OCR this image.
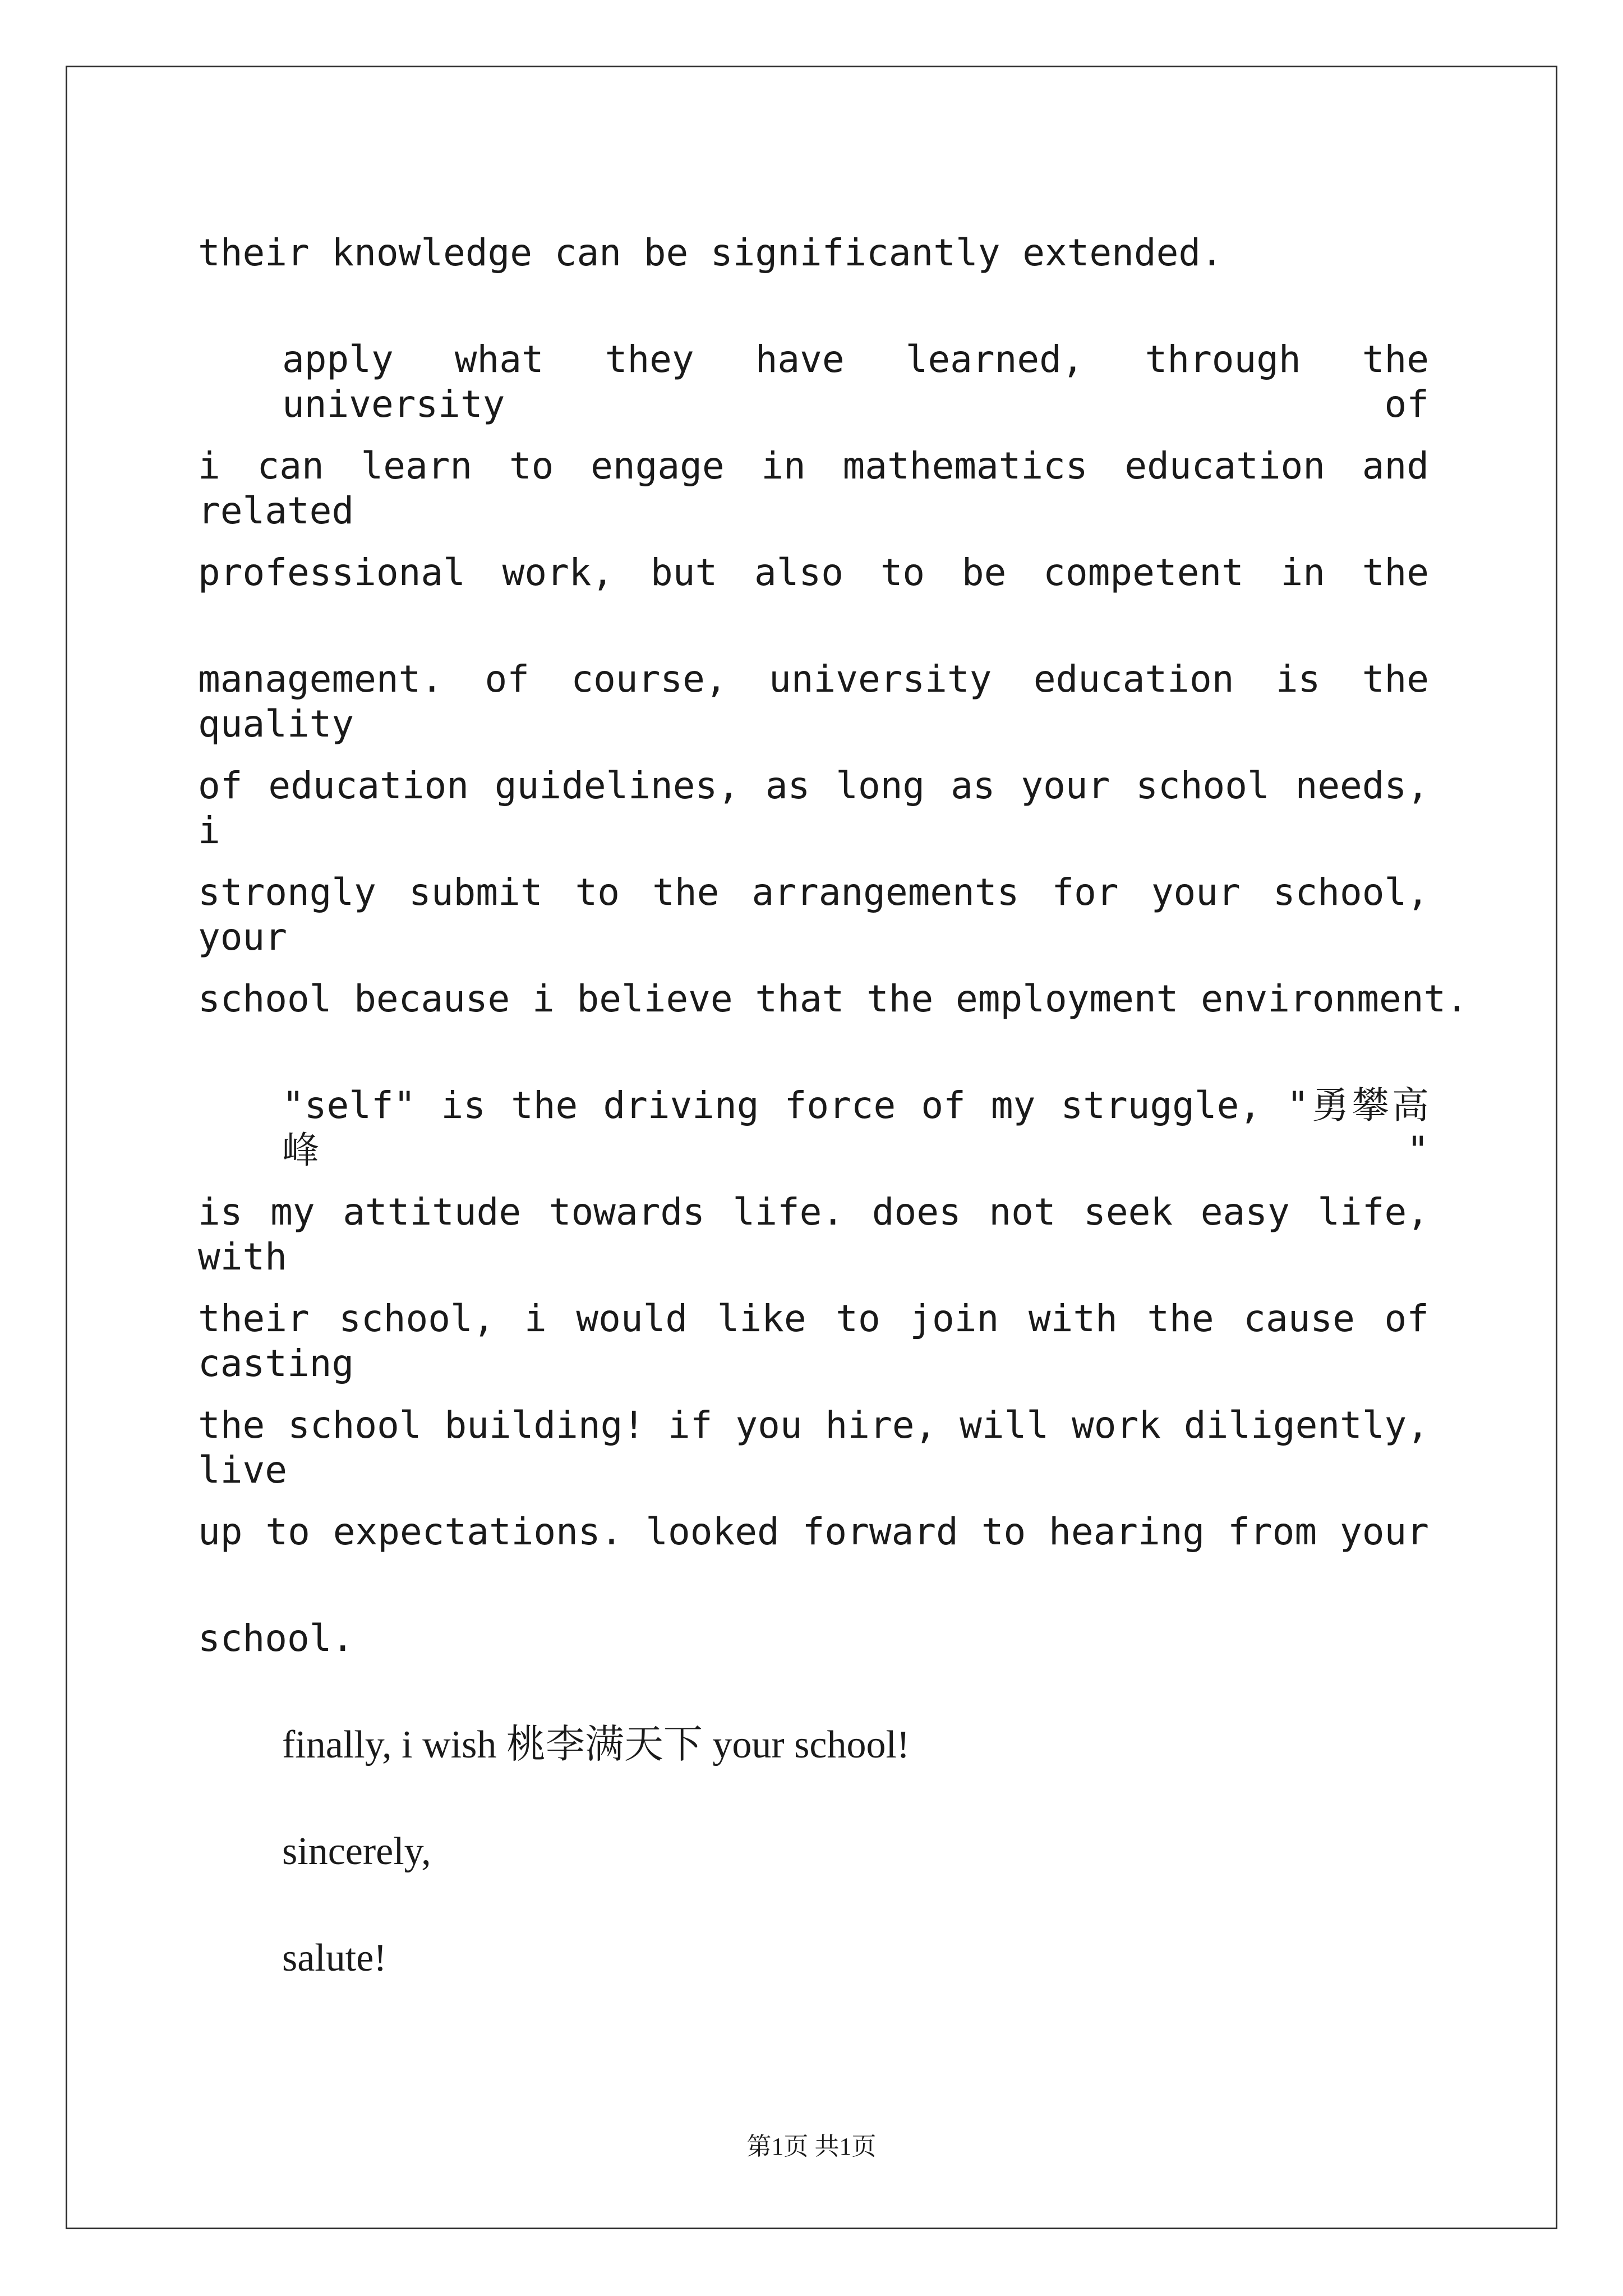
their knowledge can be significantly extended.
apply what they have learned, through the university of
i can learn to engage in mathematics education and related
professional work, but also to be competent in the
management. of course, university education is the quality
of education guidelines, as long as your school needs, i
strongly submit to the arrangements for your school, your
school because i believe that the employment environment.
"self" is the driving force of my struggle, "勇攀高峰"
is my attitude towards life. does not seek easy life, with
their school, i would like to join with the cause of casting
the school building! if you hire, will work diligently, live
up to expectations. looked forward to hearing from your
school.
finally, i wish 桃李满天下 your school!
sincerely,
salute!
第1页 共1页
